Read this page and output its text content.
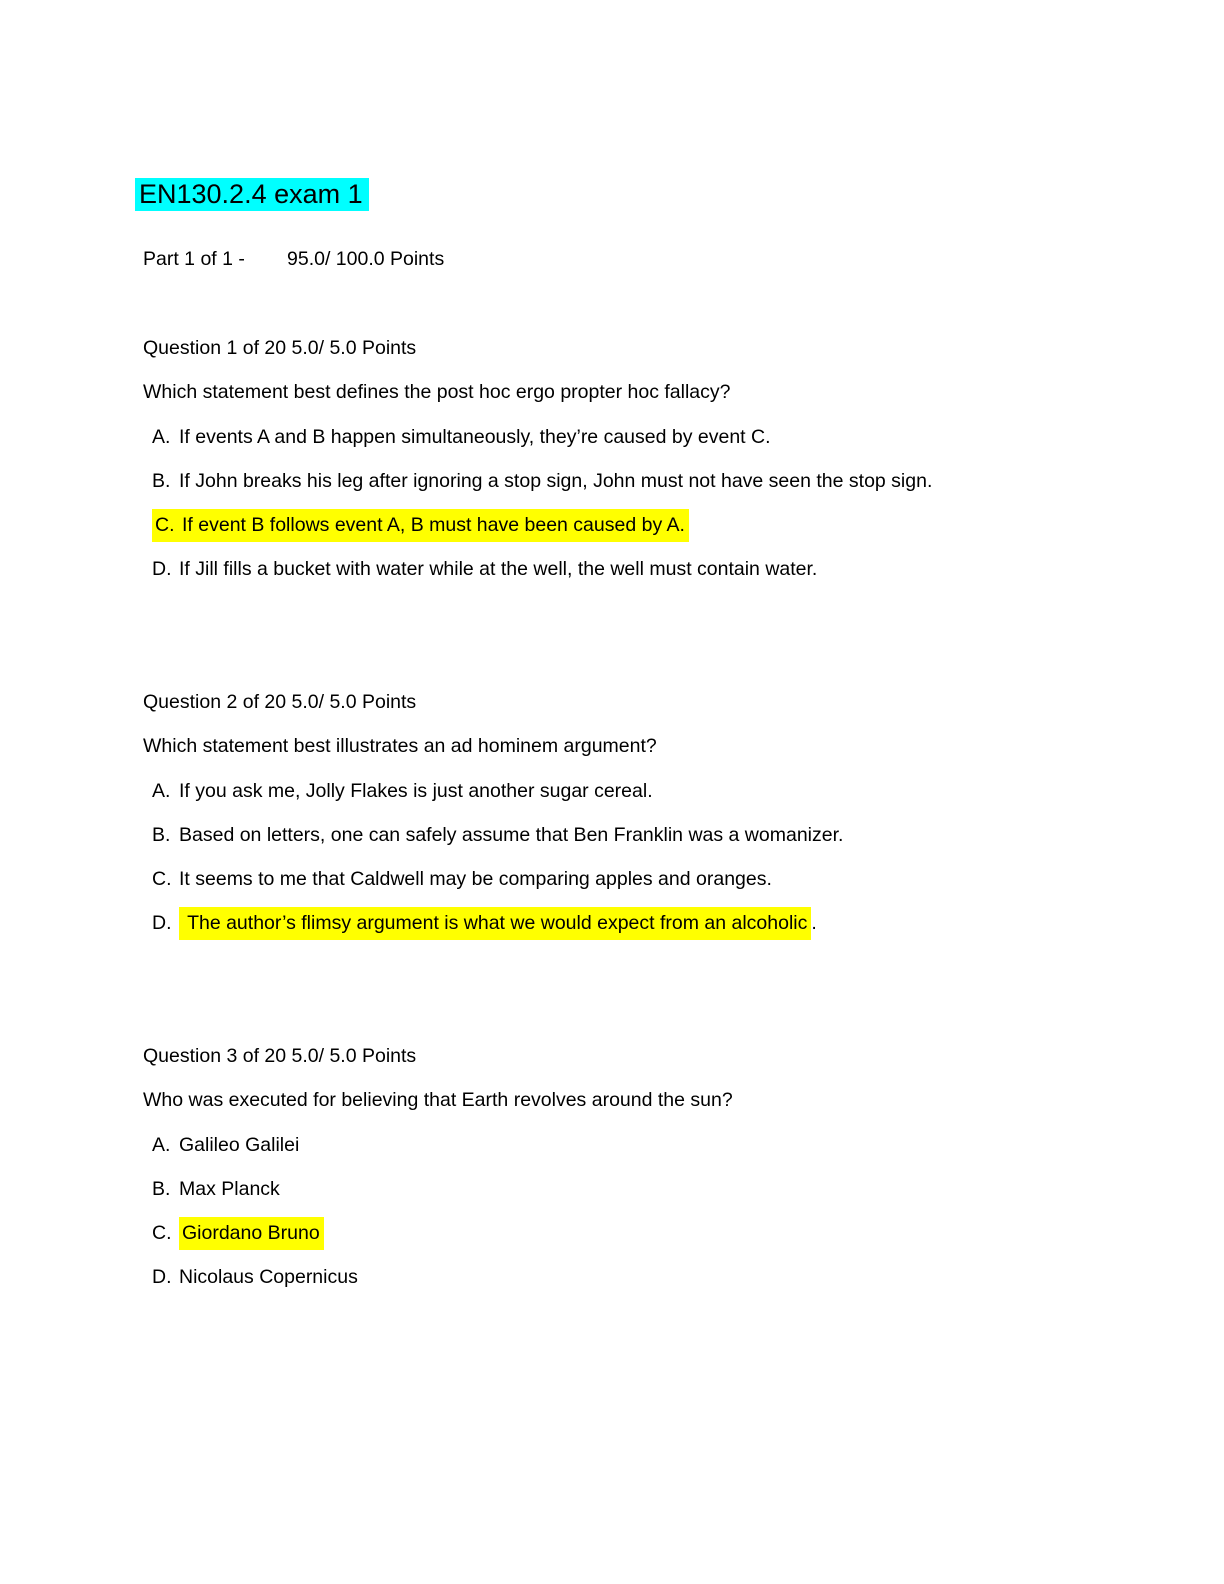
EN130.2.4 exam 1

Part 1 of 1 - 95.0/ 100.0 Points

Question 1 of 20 5.0/ 5.0 Points

Which statement best defines the post hoc ergo propter hoc fallacy?

A. If events A and B happen simultaneously, they’re caused by event C.
B. If John breaks his leg after ignoring a stop sign, John must not have seen the stop sign.
C. If event B follows event A, B must have been caused by A.
D. If Jill fills a bucket with water while at the well, the well must contain water.

Question 2 of 20 5.0/ 5.0 Points

Which statement best illustrates an ad hominem argument?

A. If you ask me, Jolly Flakes is just another sugar cereal.
B. Based on letters, one can safely assume that Ben Franklin was a womanizer.
C. It seems to me that Caldwell may be comparing apples and oranges.
D. The author’s flimsy argument is what we would expect from an alcoholic .

Question 3 of 20 5.0/ 5.0 Points

Who was executed for believing that Earth revolves around the sun?

A. Galileo Galilei
B. Max Planck
C. Giordano Bruno
D. Nicolaus Copernicus
